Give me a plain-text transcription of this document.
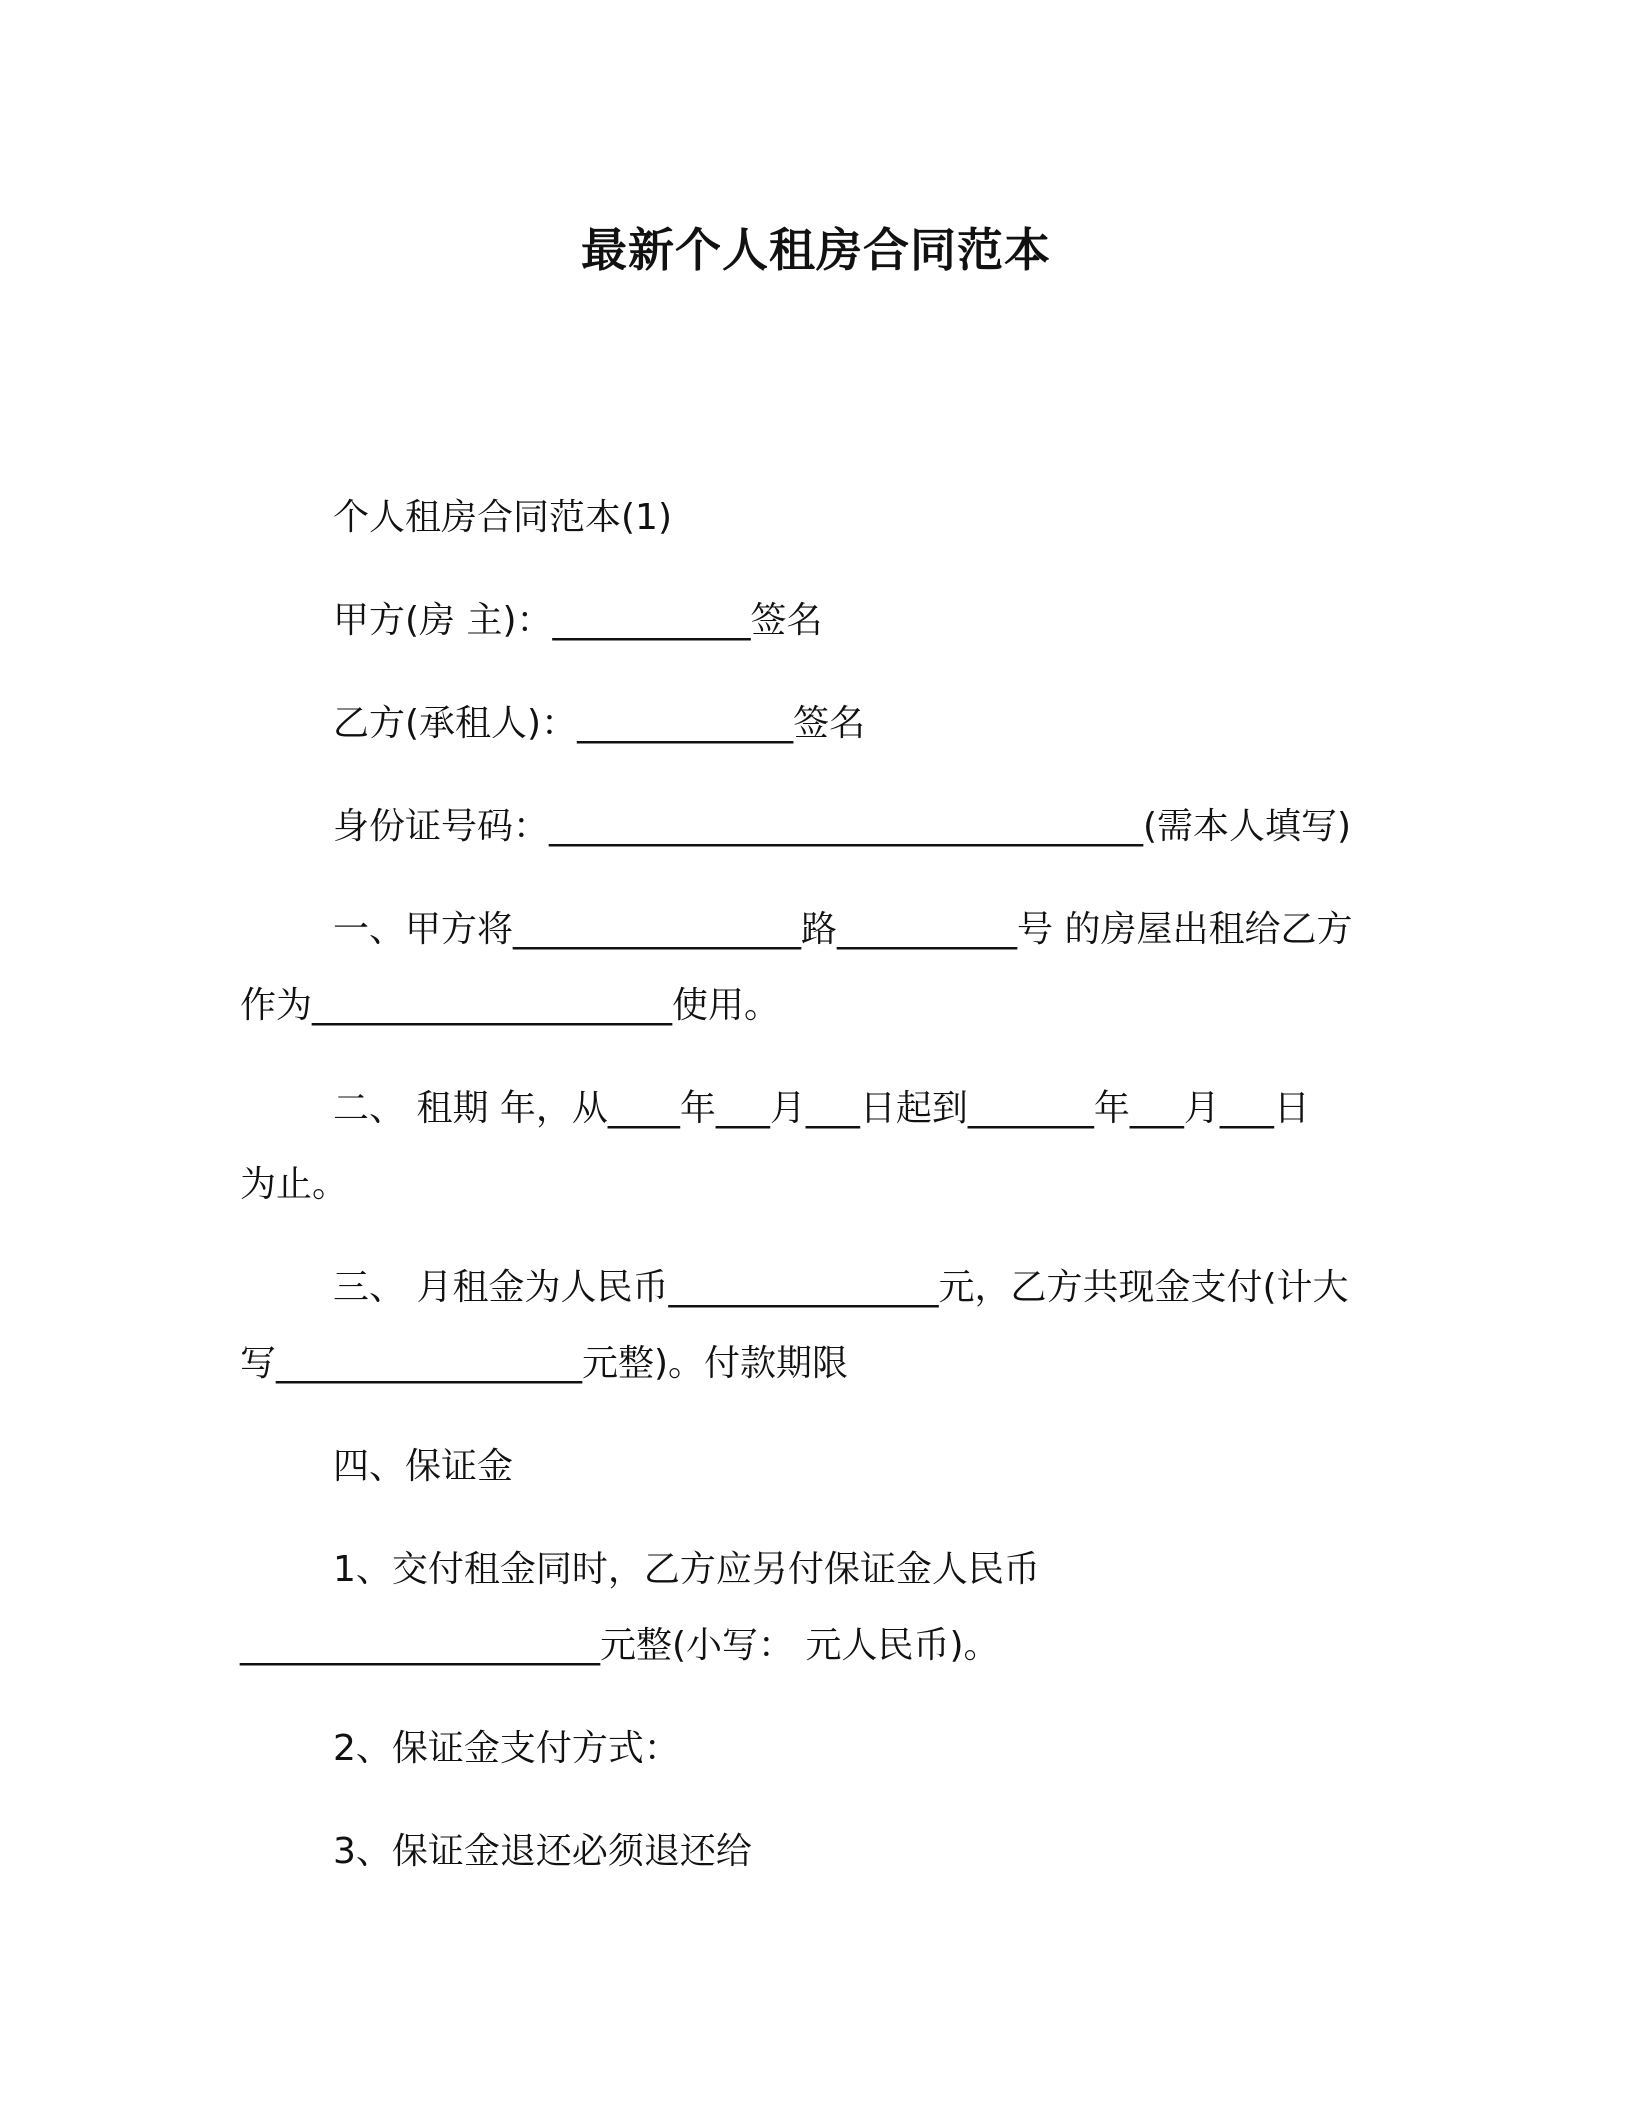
最新个人租房合同范本
个人租房合同范本(1)
甲方(房 主)：___________签名
乙方(承租人)：____________签名
身份证号码：_________________________________(需本人填写)
一、甲方将________________路__________号 的房屋出租给乙方
作为____________________使用。
二、 租期 年，从____年___月___日起到_______年___月___日
为止。
三、 月租金为人民币_______________元，乙方共现金支付(计大
写_________________元整)。付款期限
四、保证金
1、交付租金同时，乙方应另付保证金人民币
____________________元整(小写： 元人民币)。
2、保证金支付方式：
3、保证金退还必须退还给
